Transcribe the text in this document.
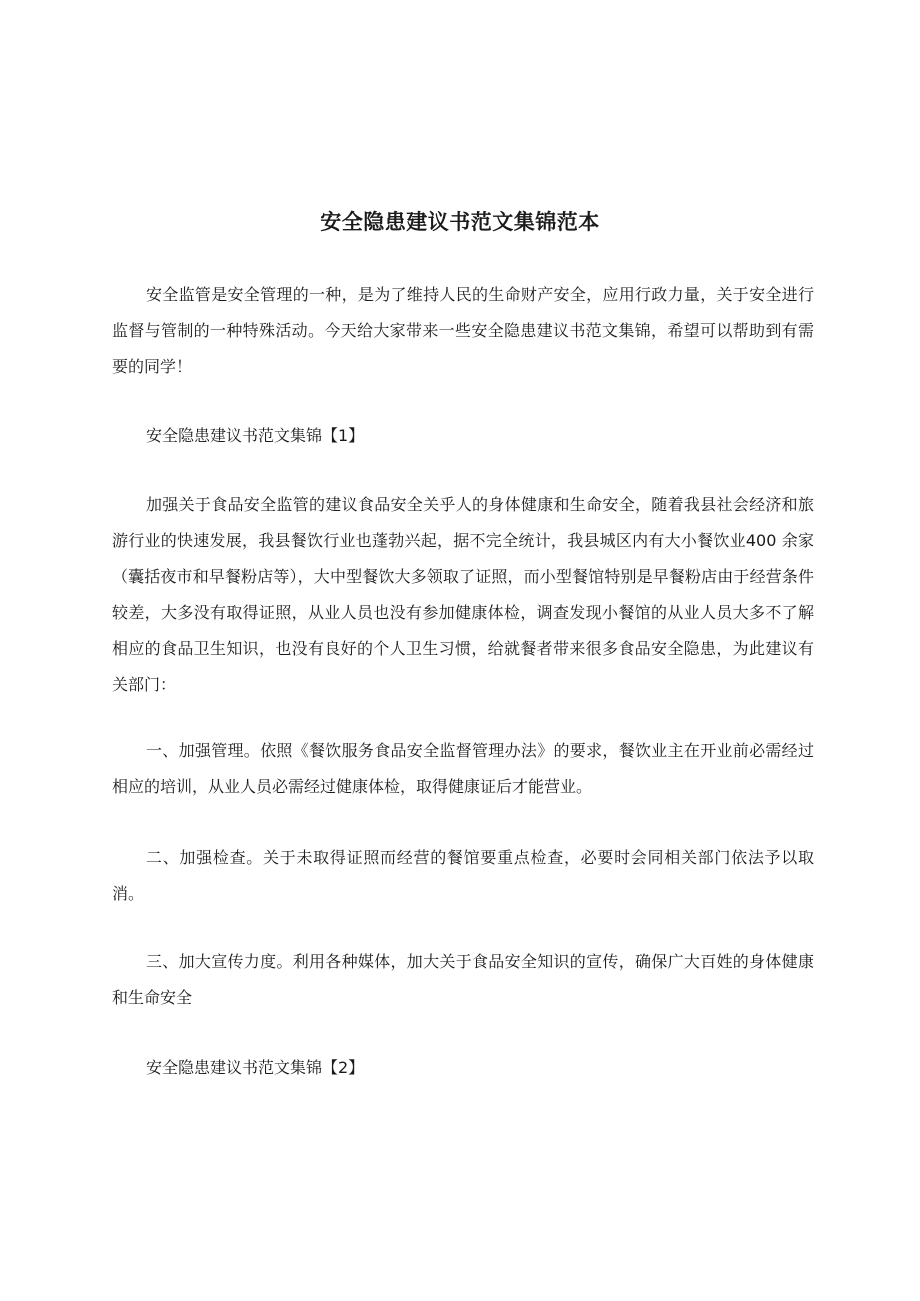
安全隐患建议书范文集锦范本

安全监管是安全管理的一种，是为了维持人民的生命财产安全，应用行政力量，关于安全进行监督与管制的一种特殊活动。今天给大家带来一些安全隐患建议书范文集锦，希望可以帮助到有需要的同学！

安全隐患建议书范文集锦【1】

加强关于食品安全监管的建议食品安全关乎人的身体健康和生命安全，随着我县社会经济和旅游行业的快速发展，我县餐饮行业也蓬勃兴起，据不完全统计，我县城区内有大小餐饮业400 余家（囊括夜市和早餐粉店等），大中型餐饮大多领取了证照，而小型餐馆特别是早餐粉店由于经营条件较差，大多没有取得证照，从业人员也没有参加健康体检，调查发现小餐馆的从业人员大多不了解相应的食品卫生知识，也没有良好的个人卫生习惯，给就餐者带来很多食品安全隐患，为此建议有关部门：

一、加强管理。依照《餐饮服务食品安全监督管理办法》的要求，餐饮业主在开业前必需经过相应的培训，从业人员必需经过健康体检，取得健康证后才能营业。

二、加强检查。关于未取得证照而经营的餐馆要重点检查，必要时会同相关部门依法予以取消。

三、加大宣传力度。利用各种媒体，加大关于食品安全知识的宣传，确保广大百姓的身体健康和生命安全

安全隐患建议书范文集锦【2】
